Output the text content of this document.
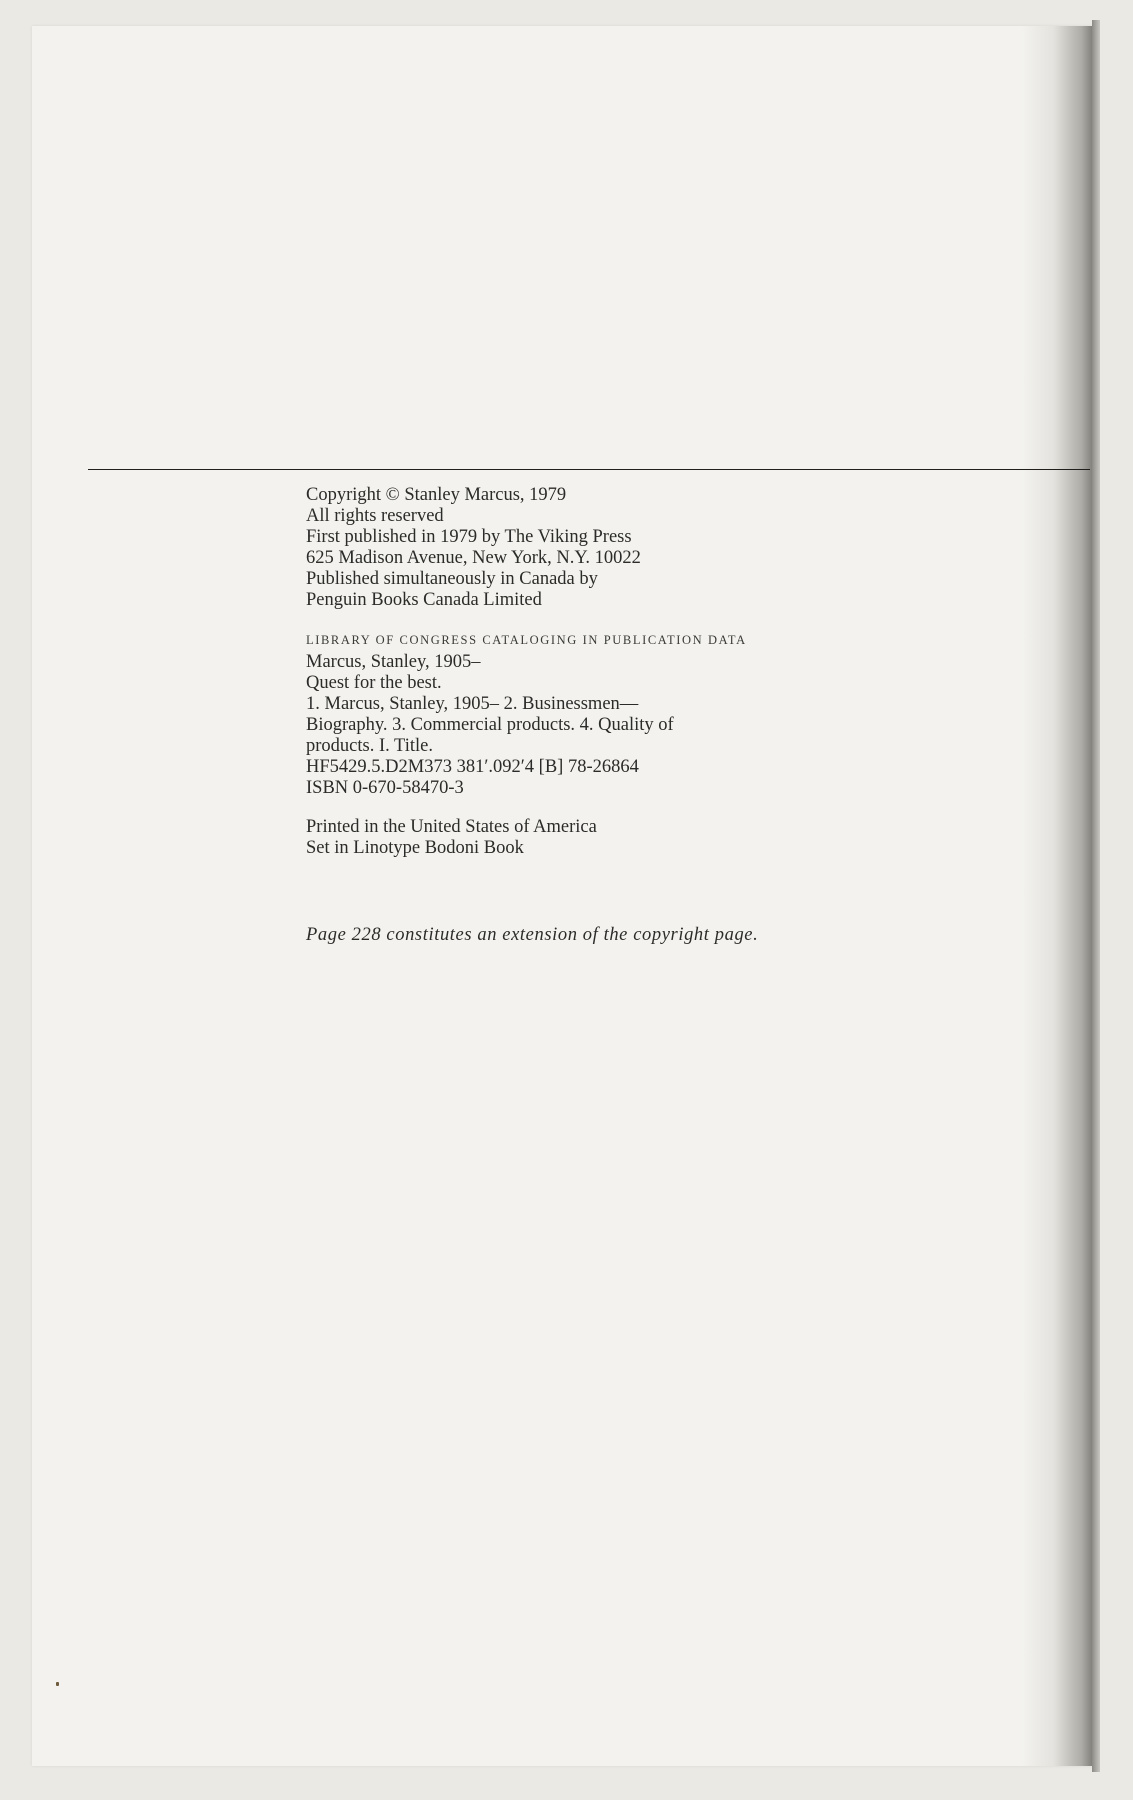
Copyright © Stanley Marcus, 1979
All rights reserved
First published in 1979 by The Viking Press
625 Madison Avenue, New York, N.Y. 10022
Published simultaneously in Canada by
Penguin Books Canada Limited
LIBRARY OF CONGRESS CATALOGING IN PUBLICATION DATA
Marcus, Stanley, 1905–
Quest for the best.
1. Marcus, Stanley, 1905– 2. Businessmen—
Biography. 3. Commercial products. 4. Quality of
products. I. Title.
HF5429.5.D2M373 381′.092′4 [B] 78-26864
ISBN 0-670-58470-3
Printed in the United States of America
Set in Linotype Bodoni Book
Page 228 constitutes an extension of the copyright page.
